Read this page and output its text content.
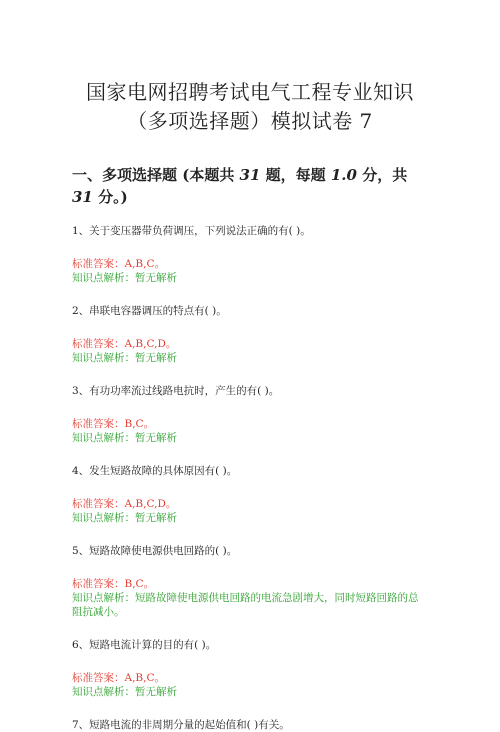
国家电网招聘考试电气工程专业知识
（多项选择题）模拟试卷 7
一、多项选择题 (本题共 31 题，每题 1.0 分，共 31 分。)
1、关于变压器带负荷调压，下列说法正确的有( )。
标准答案：A,B,C。
知识点解析：暂无解析
2、串联电容器调压的特点有( )。
标准答案：A,B,C,D。
知识点解析：暂无解析
3、有功功率流过线路电抗时，产生的有( )。
标准答案：B,C。
知识点解析：暂无解析
4、发生短路故障的具体原因有( )。
标准答案：A,B,C,D。
知识点解析：暂无解析
5、短路故障使电源供电回路的( )。
标准答案：B,C。
知识点解析：短路故障使电源供电回路的电流急剧增大，同时短路回路的总阻抗减小。
6、短路电流计算的目的有( )。
标准答案：A,B,C。
知识点解析：暂无解析
7、短路电流的非周期分量的起始值和( )有关。
